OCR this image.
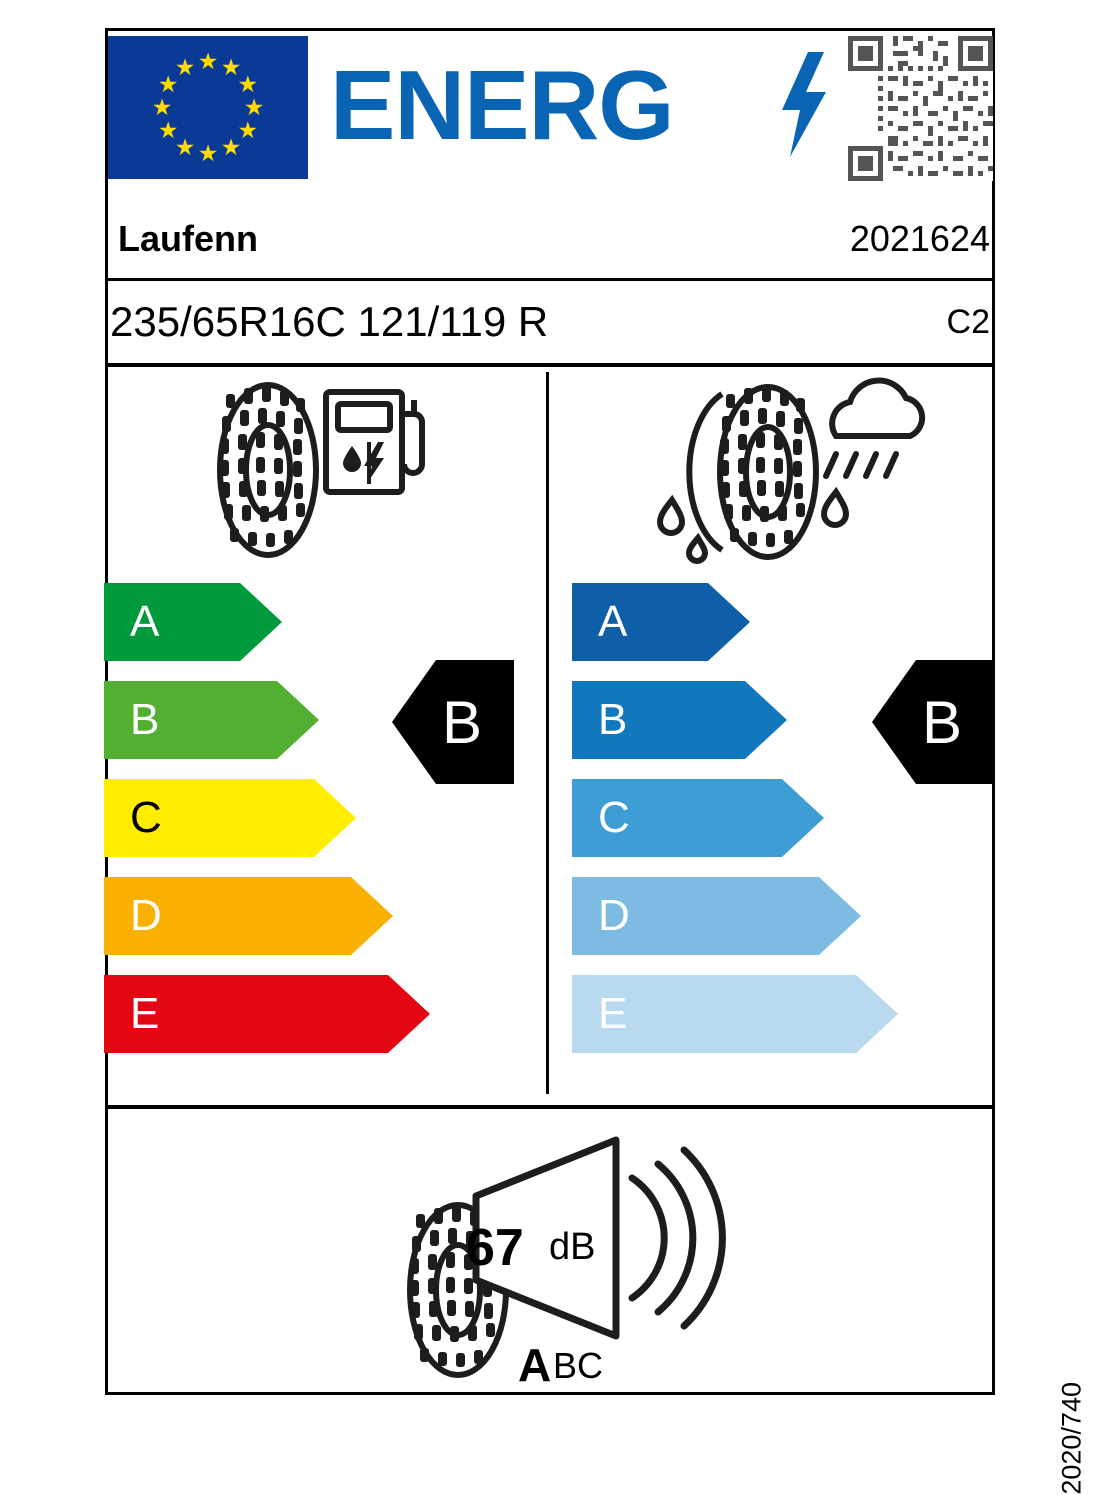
★ ★
★
★
★
★
★
★
★
★
★
★ ENERG
Laufenn	2021624
235/65R16C 121/119 R	C2
A
B
C
D
E
A
B
C
D
E
B	B
67 dB
A BC
2020/740
